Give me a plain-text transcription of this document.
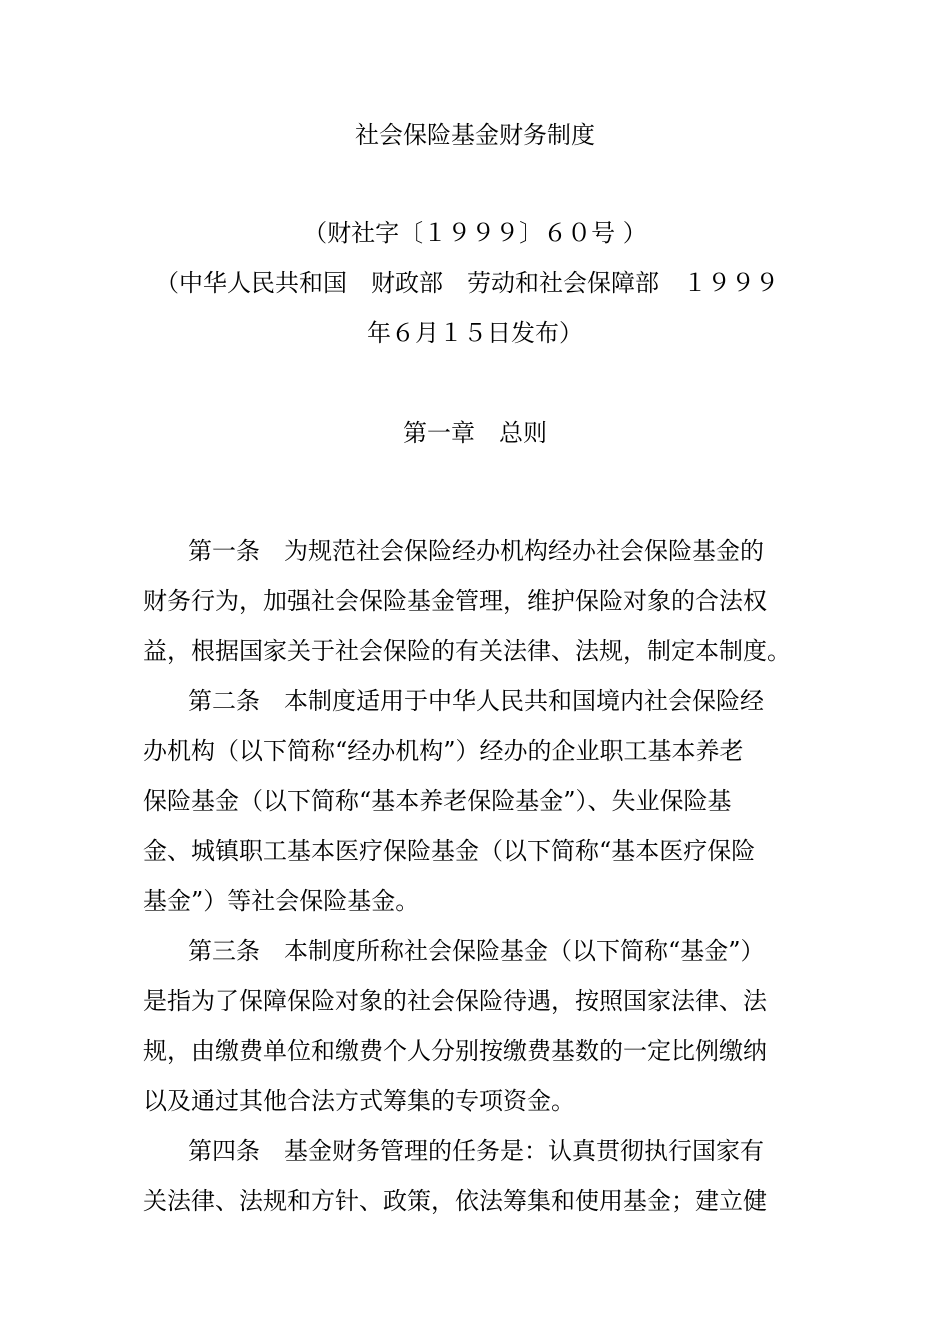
社会保险基金财务制度
（财社字〔１９９９〕６０号 ）
（中华人民共和国　财政部　劳动和社会保障部　１９９９
年６月１５日发布）
第一章　总则
第一条　为规范社会保险经办机构经办社会保险基金的
财务行为，加强社会保险基金管理，维护保险对象的合法权
益，根据国家关于社会保险的有关法律、法规，制定本制度。
第二条　本制度适用于中华人民共和国境内社会保险经
办机构（以下简称“经办机构”）经办的企业职工基本养老
保险基金（以下简称“基本养老保险基金”）、失业保险基
金、城镇职工基本医疗保险基金（以下简称“基本医疗保险
基金”）等社会保险基金。
第三条　本制度所称社会保险基金（以下简称“基金”）
是指为了保障保险对象的社会保险待遇，按照国家法律、法
规，由缴费单位和缴费个人分别按缴费基数的一定比例缴纳
以及通过其他合法方式筹集的专项资金。
第四条　基金财务管理的任务是：认真贯彻执行国家有
关法律、法规和方针、政策，依法筹集和使用基金；建立健
